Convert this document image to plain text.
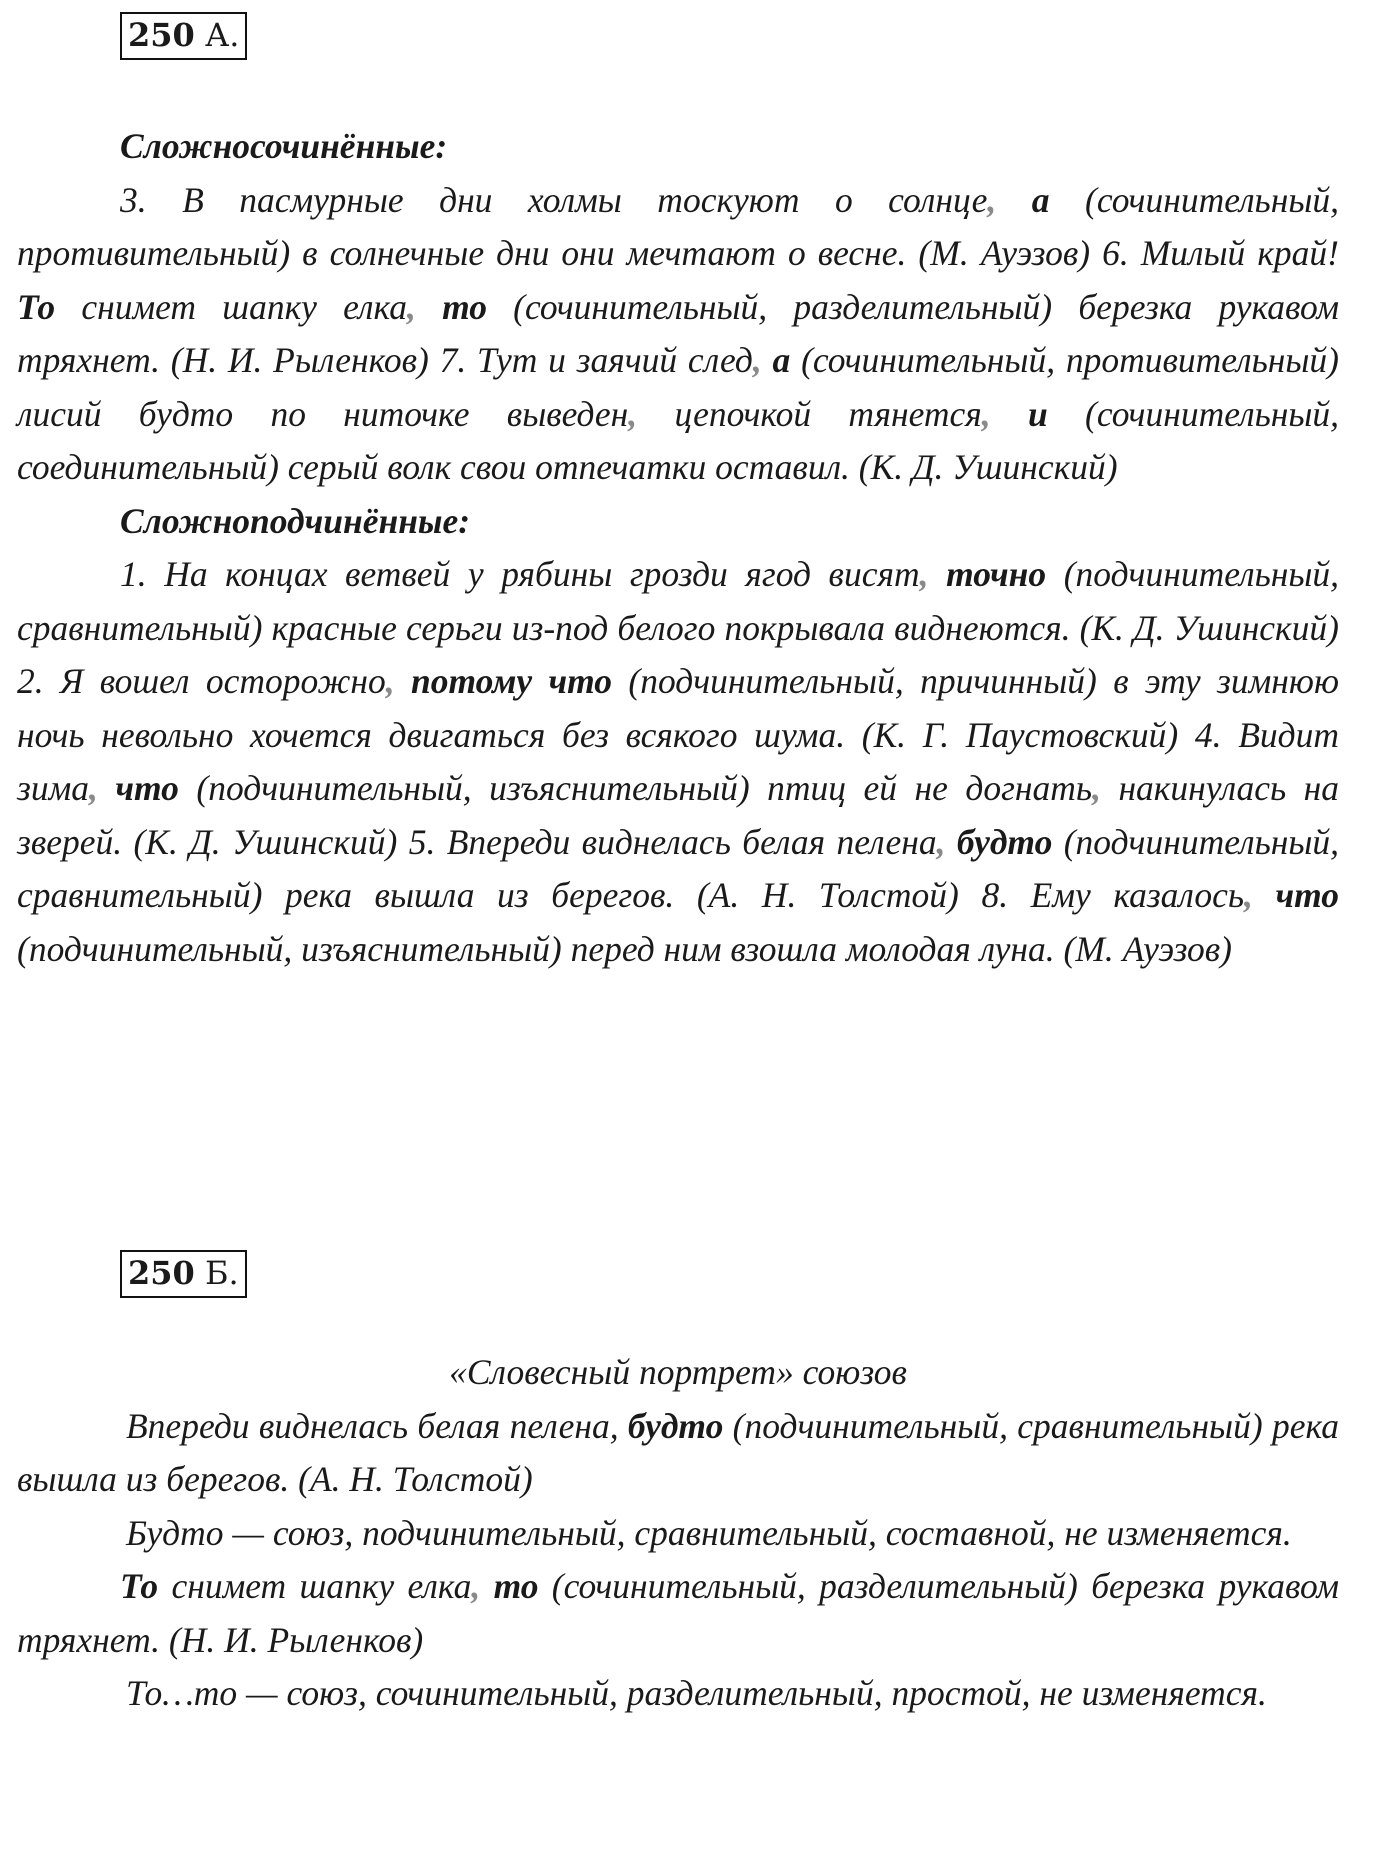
250 А.

Сложносочинённые:

3. В пасмурные дни холмы тоскуют о солнце, а (сочинительный, противительный) в солнечные дни они мечтают о весне. (М. Ауэзов) 6. Милый край! То снимет шапку елка, то (сочинительный, разделительный) березка рукавом тряхнет. (Н. И. Рыленков) 7. Тут и заячий след, а (сочинительный, противительный) лисий будто по ниточке выведен, цепочкой тянется, и (сочинительный, соединительный) серый волк свои отпечатки оставил. (К. Д. Ушинский)

Сложноподчинённые:

1. На концах ветвей у рябины грозди ягод висят, точно (подчинительный, сравнительный) красные серьги из-под белого покрывала виднеются. (К. Д. Ушинский) 2. Я вошел осторожно, потому что (подчинительный, причинный) в эту зимнюю ночь невольно хочется двигаться без всякого шума. (К. Г. Паустовский) 4. Видит зима, что (подчинительный, изъяснительный) птиц ей не догнать, накинулась на зверей. (К. Д. Ушинский) 5. Впереди виднелась белая пелена, будто (подчинительный, сравнительный) река вышла из берегов. (А. Н. Толстой) 8. Ему казалось, что (подчинительный, изъяснительный) перед ним взошла молодая луна. (М. Ауэзов)

250 Б.

«Словесный портрет» союзов

Впереди виднелась белая пелена, будто (подчинительный, сравнительный) река вышла из берегов. (А. Н. Толстой)

Будто — союз, подчинительный, сравнительный, составной, не изменяется.

То снимет шапку елка, то (сочинительный, разделительный) березка рукавом тряхнет. (Н. И. Рыленков)

То…то — союз, сочинительный, разделительный, простой, не изменяется.
